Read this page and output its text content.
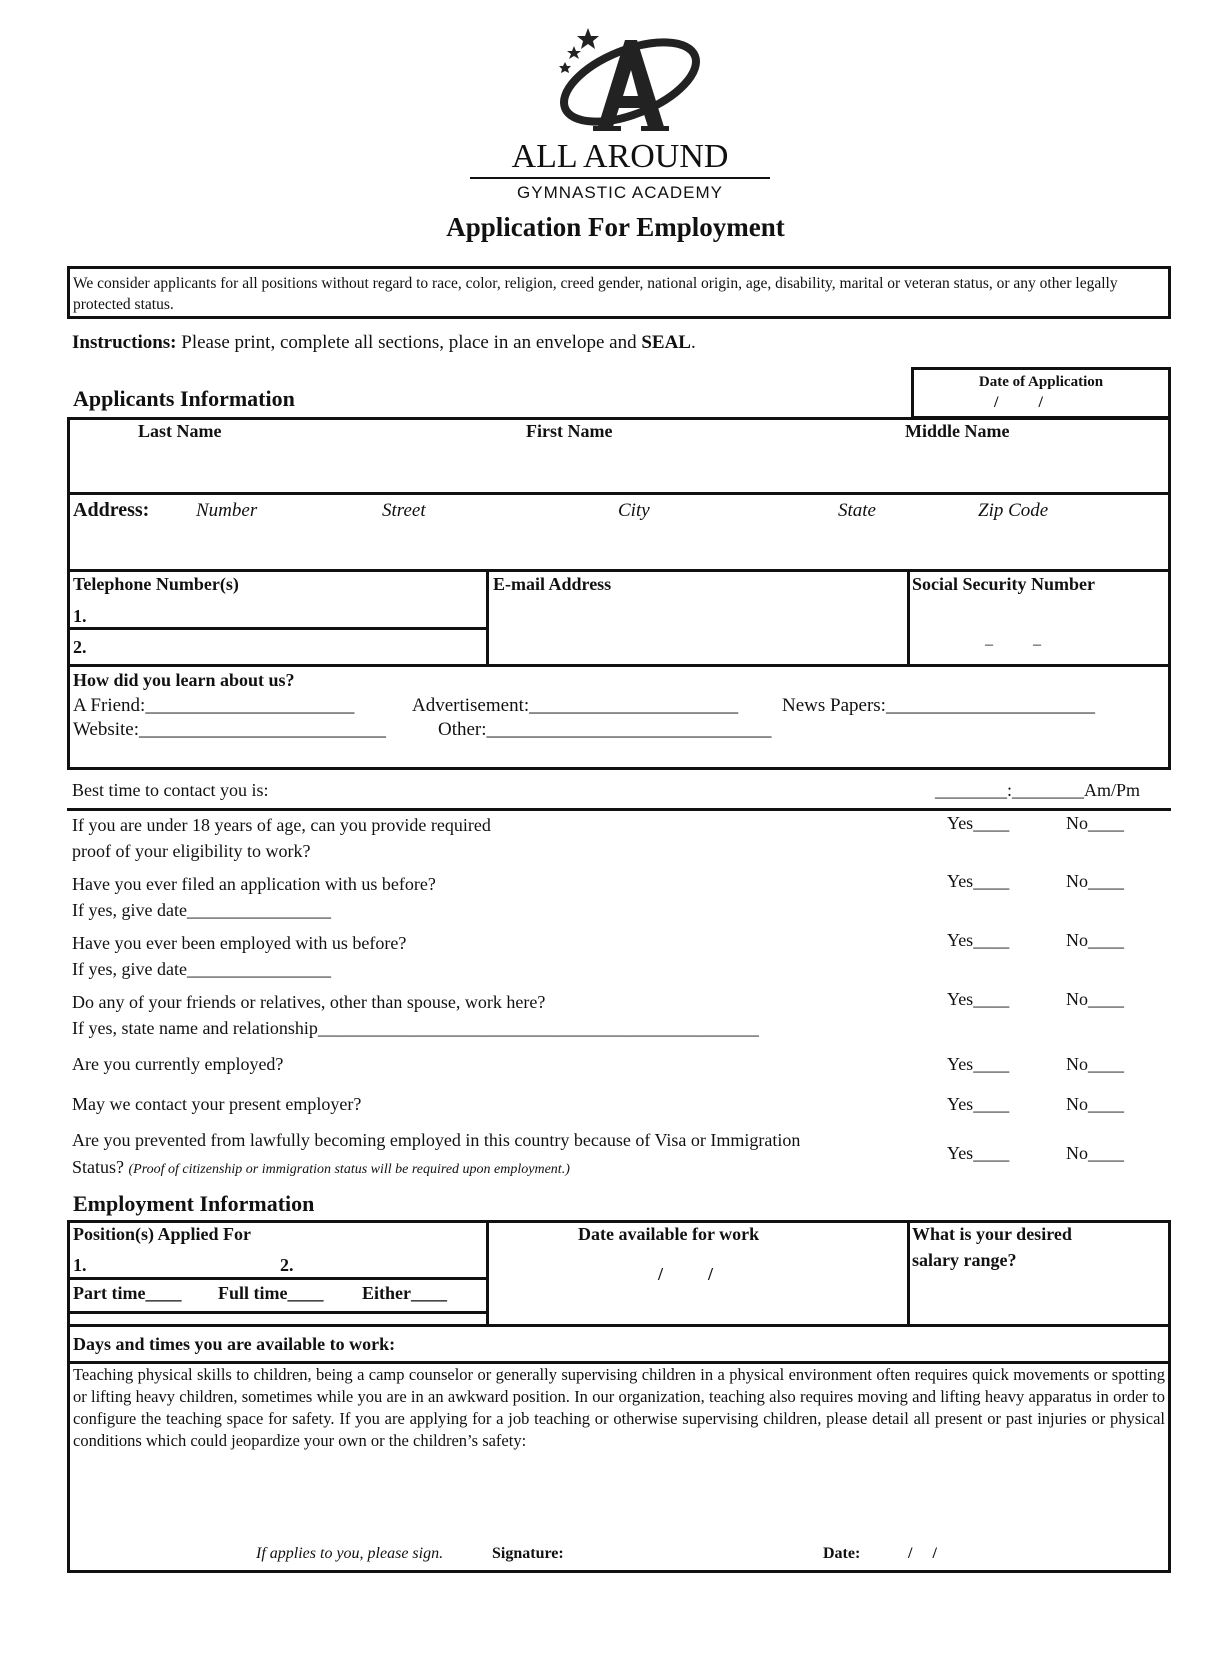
ALL AROUND
GYMNASTIC ACADEMY
Application For Employment
We consider applicants for all positions without regard to race, color, religion, creed gender, national origin, age, disability, marital or veteran status, or any other legally protected status.
Instructions: Please print, complete all sections, place in an envelope and SEAL.
Applicants Information
Date of Application
/          /
Last Name	First Name	Middle Name
Address: Number	Street	City	State	Zip Code
Telephone Number(s)
1.
2.
E-mail Address	Social Security Number
–          –
How did you learn about us?
A Friend:______________________	Advertisement:______________________ News Papers:______________________
Website:__________________________	Other:______________________________
Best time to contact you is:	________:________Am/Pm
If you are under 18 years of age, can you provide required
proof of your eligibility to work?
Yes____	No____
Have you ever filed an application with us before?
If yes, give date________________
Yes____	No____
Have you ever been employed with us before?
If yes, give date________________
Yes____	No____
Do any of your friends or relatives, other than spouse, work here?
If yes, state name and relationship_________________________________________________
Yes____	No____
Are you currently employed?	Yes____	No____
May we contact your present employer?	Yes____	No____
Are you prevented from lawfully becoming employed in this country because of Visa or Immigration
Status? (Proof of citizenship or immigration status will be required upon employment.)
Yes____	No____
Employment Information
Position(s) Applied For
1.	2.
Part time____ Full time____ Either____
Date available for work
/          /
What is your desired
salary range?
Days and times you are available to work:
Teaching physical skills to children, being a camp counselor or generally supervising children in a physical environment often requires quick movements or spotting or lifting heavy children, sometimes while you are in an awkward position. In our organization, teaching also requires moving and lifting heavy apparatus in order to configure the teaching space for safety. If you are applying for a job teaching or otherwise supervising children, please detail all present or past injuries or physical conditions which could jeopardize your own or the children’s safety:
If applies to you, please sign.	Signature:	Date:	/     /
